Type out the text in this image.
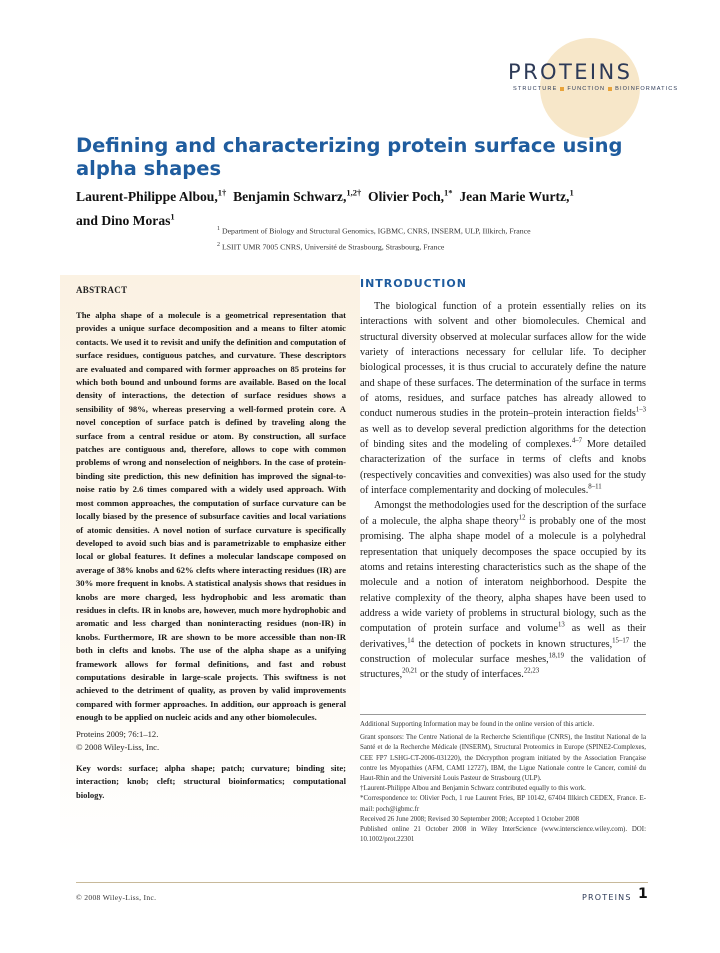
PROTEINS
STRUCTURE FUNCTION BIOINFORMATICS
Defining and characterizing protein surface using alpha shapes
Laurent-Philippe Albou,$^{1\dagger}$ Benjamin Schwarz,$^{1,2\dagger}$ Olivier Poch,$^{1*}$ Jean Marie Wurtz,$^1$
and Dino Moras$^1$
$^1$ Department of Biology and Structural Genomics, IGBMC, CNRS, INSERM, ULP, Illkirch, France
$^2$ LSIIT UMR 7005 CNRS, Université de Strasbourg, Strasbourg, France
ABSTRACT
The alpha shape of a molecule is a geometrical representation that provides a unique surface decomposition and a means to filter atomic contacts. We used it to revisit and unify the definition and computation of surface residues, contiguous patches, and curvature. These descriptors are evaluated and compared with former approaches on 85 proteins for which both bound and unbound forms are available. Based on the local density of interactions, the detection of surface residues shows a sensibility of 98%, whereas preserving a well-formed protein core. A novel conception of surface patch is defined by traveling along the surface from a central residue or atom. By construction, all surface patches are contiguous and, therefore, allows to cope with common problems of wrong and nonselection of neighbors. In the case of protein-binding site prediction, this new definition has improved the signal-to-noise ratio by 2.6 times compared with a widely used approach. With most common approaches, the computation of surface curvature can be locally biased by the presence of subsurface cavities and local variations of atomic densities. A novel notion of surface curvature is specifically developed to avoid such bias and is parametrizable to emphasize either local or global features. It defines a molecular landscape composed on average of 38% knobs and 62% clefts where interacting residues (IR) are 30% more frequent in knobs. A statistical analysis shows that residues in knobs are more charged, less hydrophobic and less aromatic than residues in clefts. IR in knobs are, however, much more hydrophobic and aromatic and less charged than noninteracting residues (non-IR) in knobs. Furthermore, IR are shown to be more accessible than non-IR both in clefts and knobs. The use of the alpha shape as a unifying framework allows for formal definitions, and fast and robust computations desirable in large-scale projects. This swiftness is not achieved to the detriment of quality, as proven by valid improvements compared with former approaches. In addition, our approach is general enough to be applied on nucleic acids and any other biomolecules.
Proteins 2009; 76:1–12.
© 2008 Wiley-Liss, Inc.
Key words: surface; alpha shape; patch; curvature; binding site; interaction; knob; cleft; structural bioinformatics; computational biology.
INTRODUCTION

The biological function of a protein essentially relies on its interactions with solvent and other biomolecules. Chemical and structural diversity observed at molecular surfaces allow for the wide variety of interactions necessary for cellular life. To decipher biological processes, it is thus crucial to accurately define the nature and shape of these surfaces. The determination of the surface in terms of atoms, residues, and surface patches has already allowed to conduct numerous studies in the protein–protein interaction fields$^{1-3}$ as well as to develop several prediction algorithms for the detection of binding sites and the modeling of complexes.$^{4-7}$ More detailed characterization of the surface in terms of clefts and knobs (respectively concavities and convexities) was also used for the study of interface complementarity and docking of molecules.$^{8-11}$

Amongst the methodologies used for the description of the surface of a molecule, the alpha shape theory$^{12}$ is probably one of the most promising. The alpha shape model of a molecule is a polyhedral representation that uniquely decomposes the space occupied by its atoms and retains interesting characteristics such as the shape of the molecule and a notion of interatom neighborhood. Despite the relative complexity of the theory, alpha shapes have been used to address a wide variety of problems in structural biology, such as the computation of protein surface and volume$^{13}$ as well as their derivatives,$^{14}$ the detection of pockets in known structures,$^{15-17}$ the construction of molecular surface meshes,$^{18,19}$ the validation of structures,$^{20,21}$ or the study of interfaces.$^{22,23}$

Additional Supporting Information may be found in the online version of this article.
Grant sponsors: The Centre National de la Recherche Scientifique (CNRS), the Institut National de la Santé et de la Recherche Médicale (INSERM), Structural Proteomics in Europe (SPINE2-Complexes, CEE FP7 LSHG-CT-2006-031220), the Décrypthon program initiated by the Association Française contre les Myopathies (AFM, CAMI 12727), IBM, the Ligue Nationale contre le Cancer, comité du Haut-Rhin and the Université Louis Pasteur de Strasbourg (ULP).
†Laurent-Philippe Albou and Benjamin Schwarz contributed equally to this work.
*Correspondence to: Olivier Poch, 1 rue Laurent Fries, BP 10142, 67404 Illkirch CEDEX, France. E-mail: poch@igbmc.fr
Received 26 June 2008; Revised 30 September 2008; Accepted 1 October 2008
Published online 21 October 2008 in Wiley InterScience (www.interscience.wiley.com). DOI: 10.1002/prot.22301
© 2008 Wiley-Liss, Inc.	PROTEINS 1
